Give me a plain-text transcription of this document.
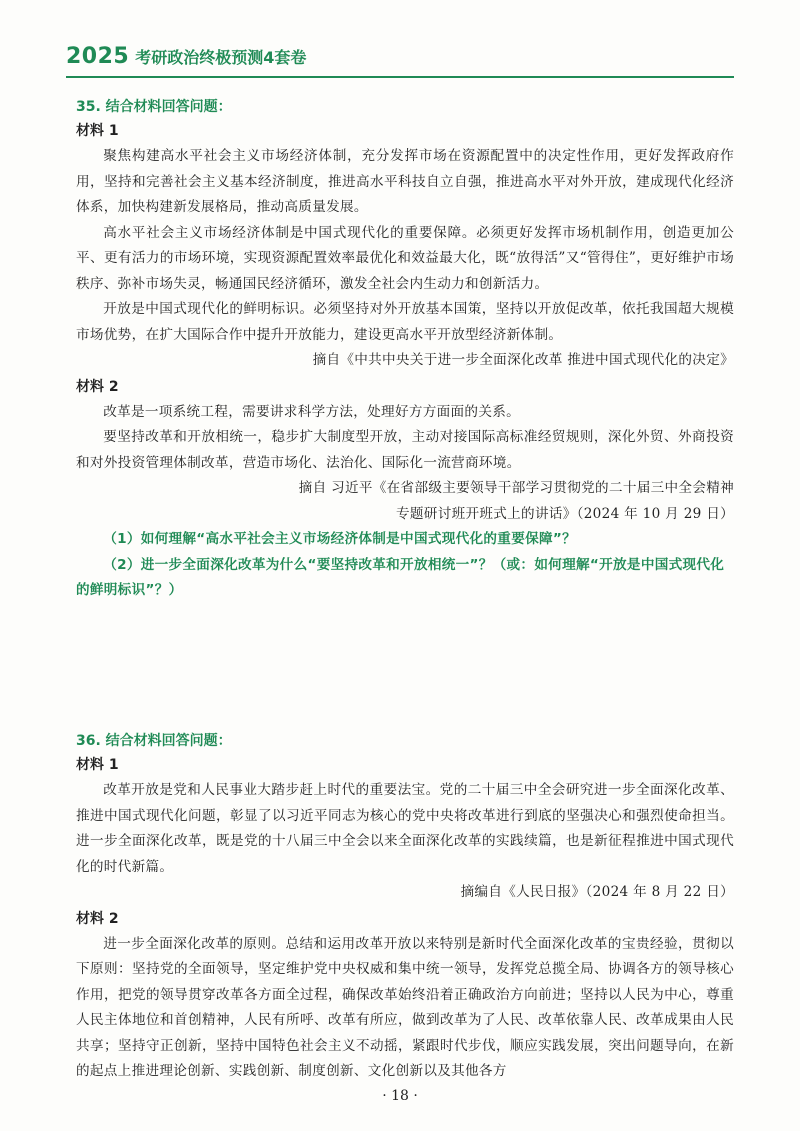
2025 考研政治终极预测4套卷

35. 结合材料回答问题：

材料 1

聚焦构建高水平社会主义市场经济体制，充分发挥市场在资源配置中的决定性作用，更好发挥政府作用，坚持和完善社会主义基本经济制度，推进高水平科技自立自强，推进高水平对外开放，建成现代化经济体系，加快构建新发展格局，推动高质量发展。

高水平社会主义市场经济体制是中国式现代化的重要保障。必须更好发挥市场机制作用，创造更加公平、更有活力的市场环境，实现资源配置效率最优化和效益最大化，既“放得活”又“管得住”，更好维护市场秩序、弥补市场失灵，畅通国民经济循环，激发全社会内生动力和创新活力。

开放是中国式现代化的鲜明标识。必须坚持对外开放基本国策，坚持以开放促改革，依托我国超大规模市场优势，在扩大国际合作中提升开放能力，建设更高水平开放型经济新体制。

摘自《中共中央关于进一步全面深化改革 推进中国式现代化的决定》

材料 2

改革是一项系统工程，需要讲求科学方法，处理好方方面面的关系。

要坚持改革和开放相统一，稳步扩大制度型开放，主动对接国际高标准经贸规则，深化外贸、外商投资和对外投资管理体制改革，营造市场化、法治化、国际化一流营商环境。

摘自 习近平《在省部级主要领导干部学习贯彻党的二十届三中全会精神

专题研讨班开班式上的讲话》（2024 年 10 月 29 日）

（1）如何理解“高水平社会主义市场经济体制是中国式现代化的重要保障”？

（2）进一步全面深化改革为什么“要坚持改革和开放相统一”？（或：如何理解“开放是中国式现代化的鲜明标识”？）

36. 结合材料回答问题：

材料 1

改革开放是党和人民事业大踏步赶上时代的重要法宝。党的二十届三中全会研究进一步全面深化改革、推进中国式现代化问题，彰显了以习近平同志为核心的党中央将改革进行到底的坚强决心和强烈使命担当。进一步全面深化改革，既是党的十八届三中全会以来全面深化改革的实践续篇，也是新征程推进中国式现代化的时代新篇。

摘编自《人民日报》（2024 年 8 月 22 日）

材料 2

进一步全面深化改革的原则。总结和运用改革开放以来特别是新时代全面深化改革的宝贵经验，贯彻以下原则：坚持党的全面领导，坚定维护党中央权威和集中统一领导，发挥党总揽全局、协调各方的领导核心作用，把党的领导贯穿改革各方面全过程，确保改革始终沿着正确政治方向前进；坚持以人民为中心，尊重人民主体地位和首创精神，人民有所呼、改革有所应，做到改革为了人民、改革依靠人民、改革成果由人民共享；坚持守正创新，坚持中国特色社会主义不动摇，紧跟时代步伐，顺应实践发展，突出问题导向，在新的起点上推进理论创新、实践创新、制度创新、文化创新以及其他各方

· 18 ·
